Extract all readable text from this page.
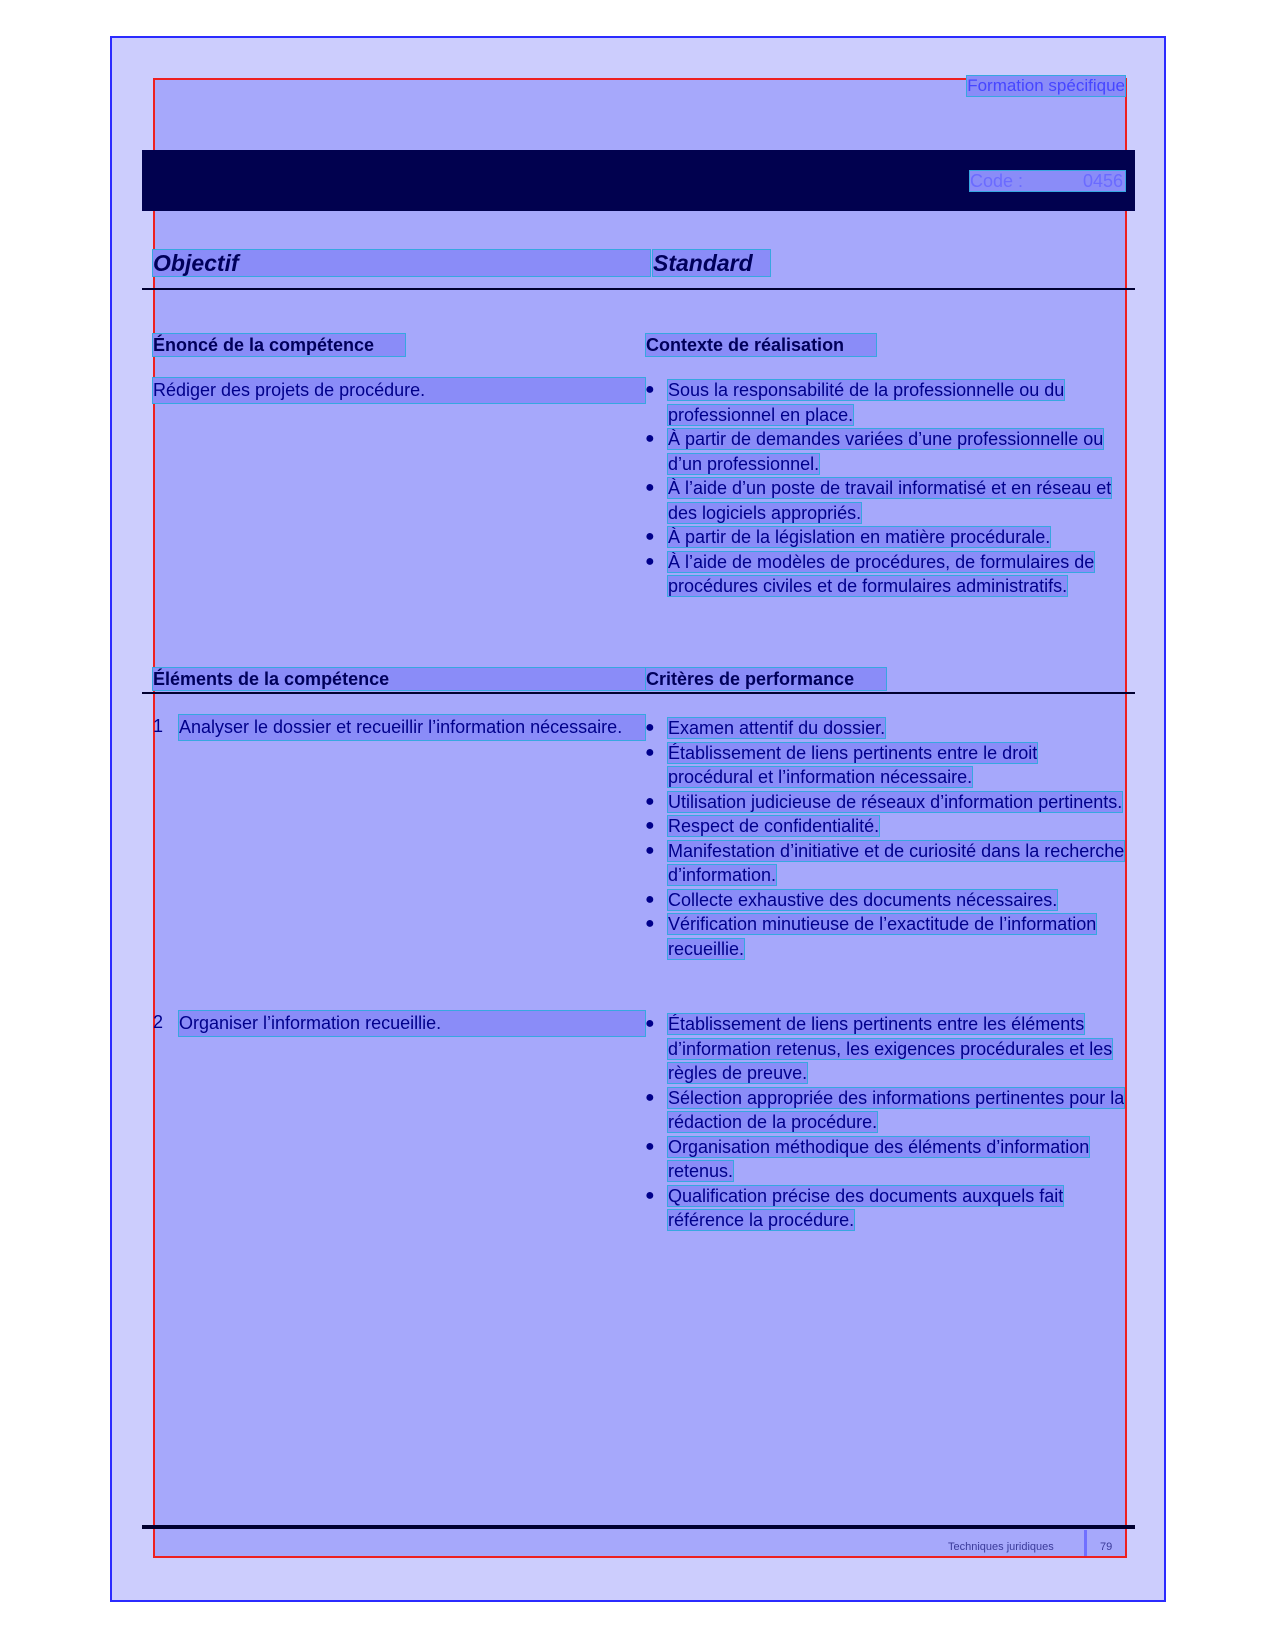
Formation spécifique
Code :	0456
Objectif	Standard
Énoncé de la compétence	Contexte de réalisation
Rédiger des projets de procédure.	● Sous la responsabilité de la professionnelle ou du professionnel en place.
● À partir de demandes variées d’une professionnelle ou d’un professionnel.
● À l’aide d’un poste de travail informatisé et en réseau et des logiciels appropriés.
● À partir de la législation en matière procédurale.
● À l’aide de modèles de procédures, de formulaires de procédures civiles et de formulaires administratifs.
Éléments de la compétence	Critères de performance
1 Analyser le dossier et recueillir l’information nécessaire.	● Examen attentif du dossier.
● Établissement de liens pertinents entre le droit procédural et l’information nécessaire.
● Utilisation judicieuse de réseaux d’information pertinents.
● Respect de confidentialité.
● Manifestation d’initiative et de curiosité dans la recherche d’information.
● Collecte exhaustive des documents nécessaires.
● Vérification minutieuse de l’exactitude de l’information recueillie.
2 Organiser l’information recueillie.	● Établissement de liens pertinents entre les éléments d’information retenus, les exigences procédurales et les règles de preuve.
● Sélection appropriée des informations pertinentes pour la rédaction de la procédure.
● Organisation méthodique des éléments d’information retenus.
● Qualification précise des documents auxquels fait référence la procédure.
Techniques juridiques	79
